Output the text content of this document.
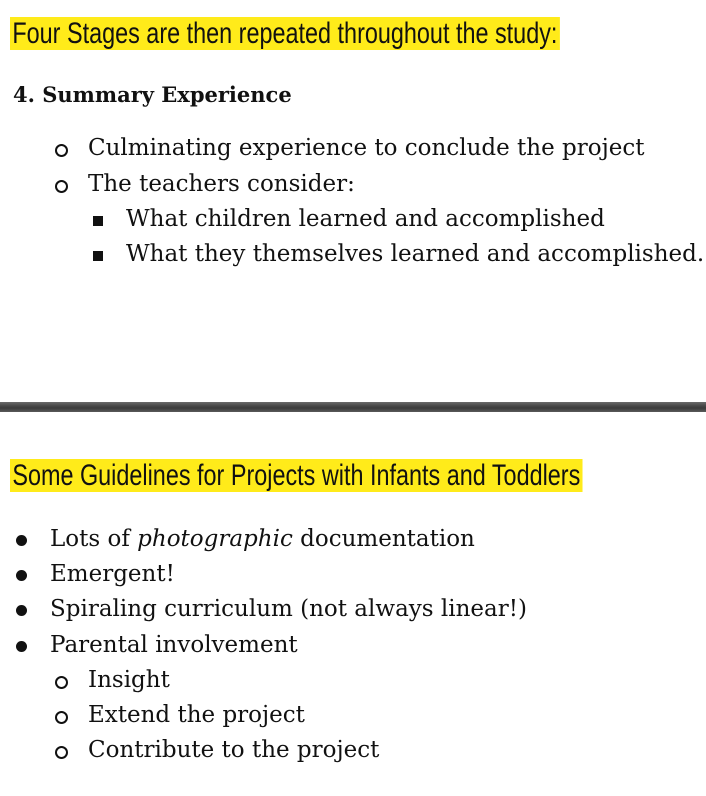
Four Stages are then repeated throughout the study:
4. Summary Experience
Culminating experience to conclude the project
The teachers consider:
What children learned and accomplished
What they themselves learned and accomplished.
Some Guidelines for Projects with Infants and Toddlers
Lots of photographic documentation
Emergent!
Spiraling curriculum (not always linear!)
Parental involvement
Insight
Extend the project
Contribute to the project
